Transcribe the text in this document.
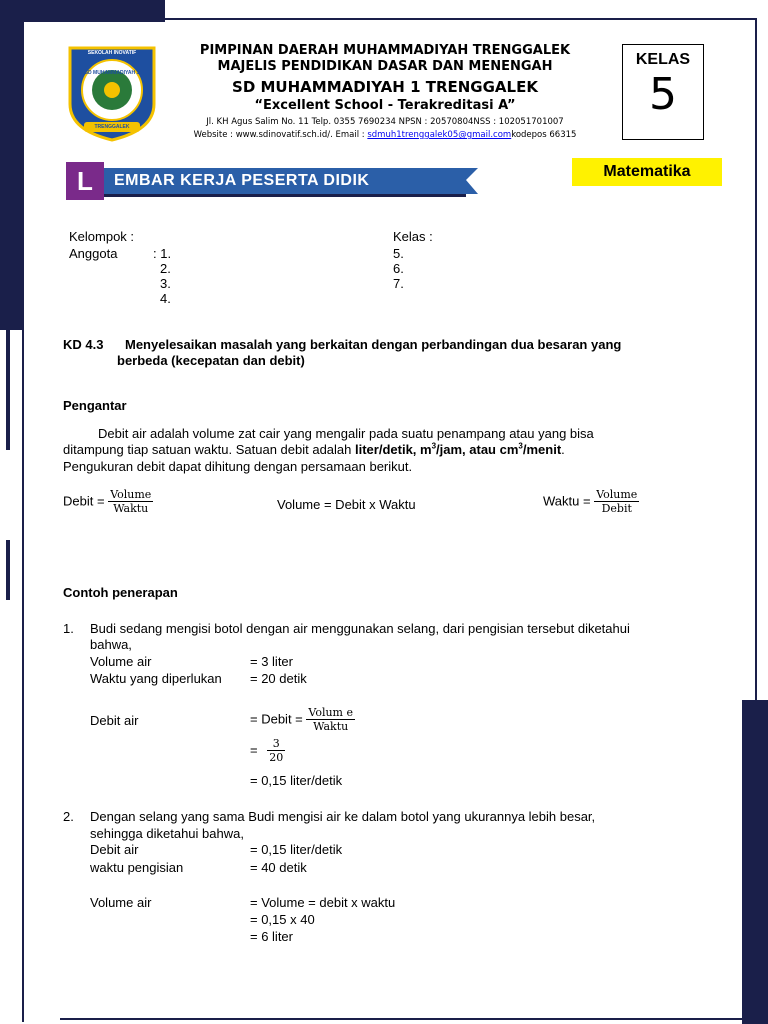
SEKOLAH INOVATIF
SD MUHAMMADIYAH 1
TRENGGALEK
PIMPINAN DAERAH MUHAMMADIYAH TRENGGALEK
MAJELIS PENDIDIKAN DASAR DAN MENENGAH
SD MUHAMMADIYAH 1 TRENGGALEK
“Excellent School - Terakreditasi A”
Jl. KH Agus Salim No. 11 Telp. 0355 7690234 NPSN : 20570804NSS : 102051701007
Website : www.sdinovatif.sch.id/. Email : sdmuh1trenggalek05@gmail.comkodepos 66315
KELAS
5
L	EMBAR KERJA PESERTA DIDIK
Matematika
Kelompok :	Kelas :
Anggota	: 1.
2.
3.
4.
5.
6.
7.
KD 4.3 Menyelesaikan masalah yang berkaitan dengan perbandingan dua besaran yang
berbeda (kecepatan dan debit)
Pengantar
Debit air adalah volume zat cair yang mengalir pada suatu penampang atau yang bisa
ditampung tiap satuan waktu. Satuan debit adalah liter/detik, $m^3$/jam, atau $cm^3$/menit.
Pengukuran debit dapat dihitung dengan persamaan berikut.
Debit = $\frac{\text{Volume}}{\text{Waktu}}$	Volume = Debit x Waktu	Waktu = $\frac{\text{Volume}}{\text{Debit}}$
Contoh penerapan
1. Budi sedang mengisi botol dengan air menggunakan selang, dari pengisian tersebut diketahui
bahwa,
Volume air	= 3 liter
Waktu yang diperlukan = 20 detik
Debit air	= Debit = $\frac{\text{Volum e}}{\text{Waktu}}$
= $\frac{3}{20}$
= 0,15 liter/detik
2. Dengan selang yang sama Budi mengisi air ke dalam botol yang ukurannya lebih besar,
sehingga diketahui bahwa,
Debit air	= 0,15 liter/detik
waktu pengisian	= 40 detik
Volume air	= Volume = debit x waktu
= 0,15 x 40
= 6 liter
